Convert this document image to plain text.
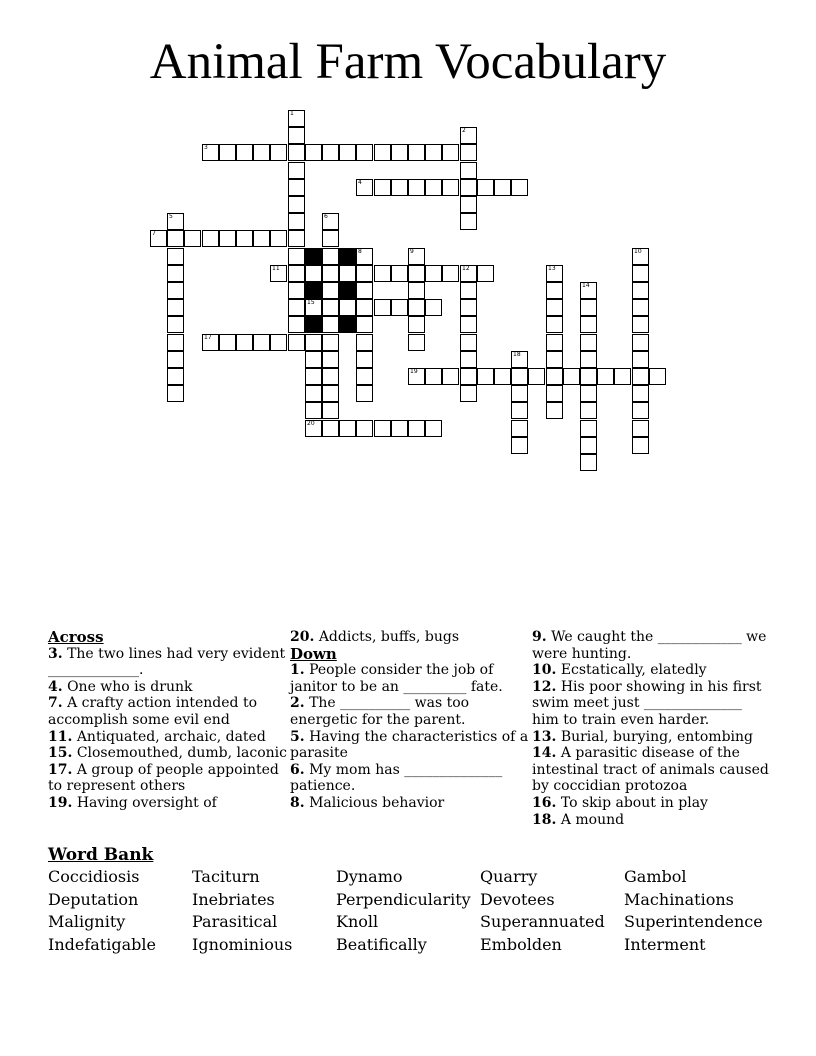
Animal Farm Vocabulary
1
2
3
4
5	6
7
8	9	10
11	12	13
14
15
16
17
18
19
20
Across
3. The two lines had very evident _____________.
4. One who is drunk
7. A crafty action intended to accomplish some evil end
11. Antiquated, archaic, dated
15. Closemouthed, dumb, laconic
17. A group of people appointed to represent others
19. Having oversight of
20. Addicts, buffs, bugs
Down
1. People consider the job of janitor to be an _________ fate.
2. The __________ was too energetic for the parent.
5. Having the characteristics of a parasite
6. My mom has ______________ patience.
8. Malicious behavior
9. We caught the ____________ we were hunting.
10. Ecstatically, elatedly
12. His poor showing in his first swim meet just ______________ him to train even harder.
13. Burial, burying, entombing
14. A parasitic disease of the intestinal tract of animals caused by coccidian protozoa
16. To skip about in play
18. A mound
Word Bank
Coccidiosis	Taciturn	Dynamo	Quarry	Gambol
Deputation	Inebriates	Perpendicularity Devotees	Machinations
Malignity	Parasitical	Knoll	Superannuated Superintendence
Indefatigable Ignominious	Beatifically	Embolden	Interment
